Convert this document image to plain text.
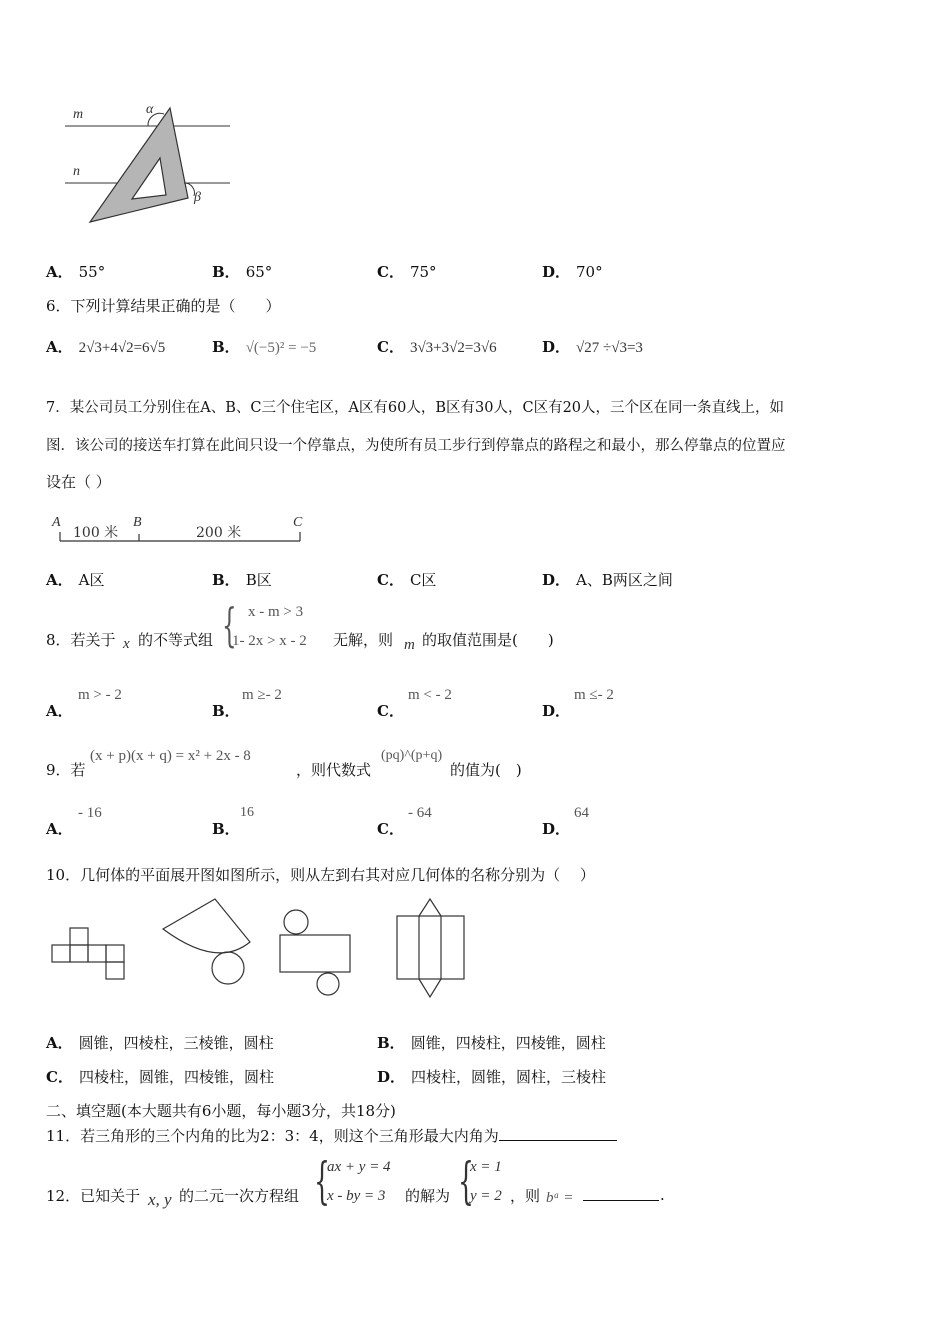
m
n
α
β
A． 55°	B． 65°	C． 75°	D． 70°
6．下列计算结果正确的是（　　）
A． 2√3+4√2=6√5	B． √(−5)² = −5	C． 3√3+3√2=3√6	D． √27 ÷√3=3
7．某公司员工分别住在A、B、C三个住宅区，A区有60人，B区有30人，C区有20人，三个区在同一条直线上，如
图．该公司的接送车打算在此间只设一个停靠点，为使所有员工步行到停靠点的路程之和最小，那么停靠点的位置应
设在（ ）
A
100 米
B
200 米
C
A． A区	B． B区	C． C区	D． A、B两区之间
8．若关于 x 的不等式组 { x - m > 3
1- 2x > x - 2 无解，则 m 的取值范围是(　　)
A．
m > - 2
B．
m ≥- 2
C．
m < - 2
D．
m ≤- 2
9．若
(x + p)(x + q) = x² + 2x - 8
，则代数式
(pq)^(p+q)
的值为(　)
A．
- 16
B．
16
C．
- 64
D．
64
10．几何体的平面展开图如图所示，则从左到右其对应几何体的名称分别为（　 ）
A． 圆锥，四棱柱，三棱锥，圆柱	B． 圆锥，四棱柱，四棱锥，圆柱
C． 四棱柱，圆锥，四棱锥，圆柱	D． 四棱柱，圆锥，圆柱，三棱柱
二、填空题(本大题共有6小题，每小题3分，共18分)
11．若三角形的三个内角的比为2：3：4，则这个三角形最大内角为
12．已知关于 x, y 的二元一次方程组 {
ax + y = 4
x - by = 3 的解为 {
x = 1
y = 2 ，则 bᵃ =	.
